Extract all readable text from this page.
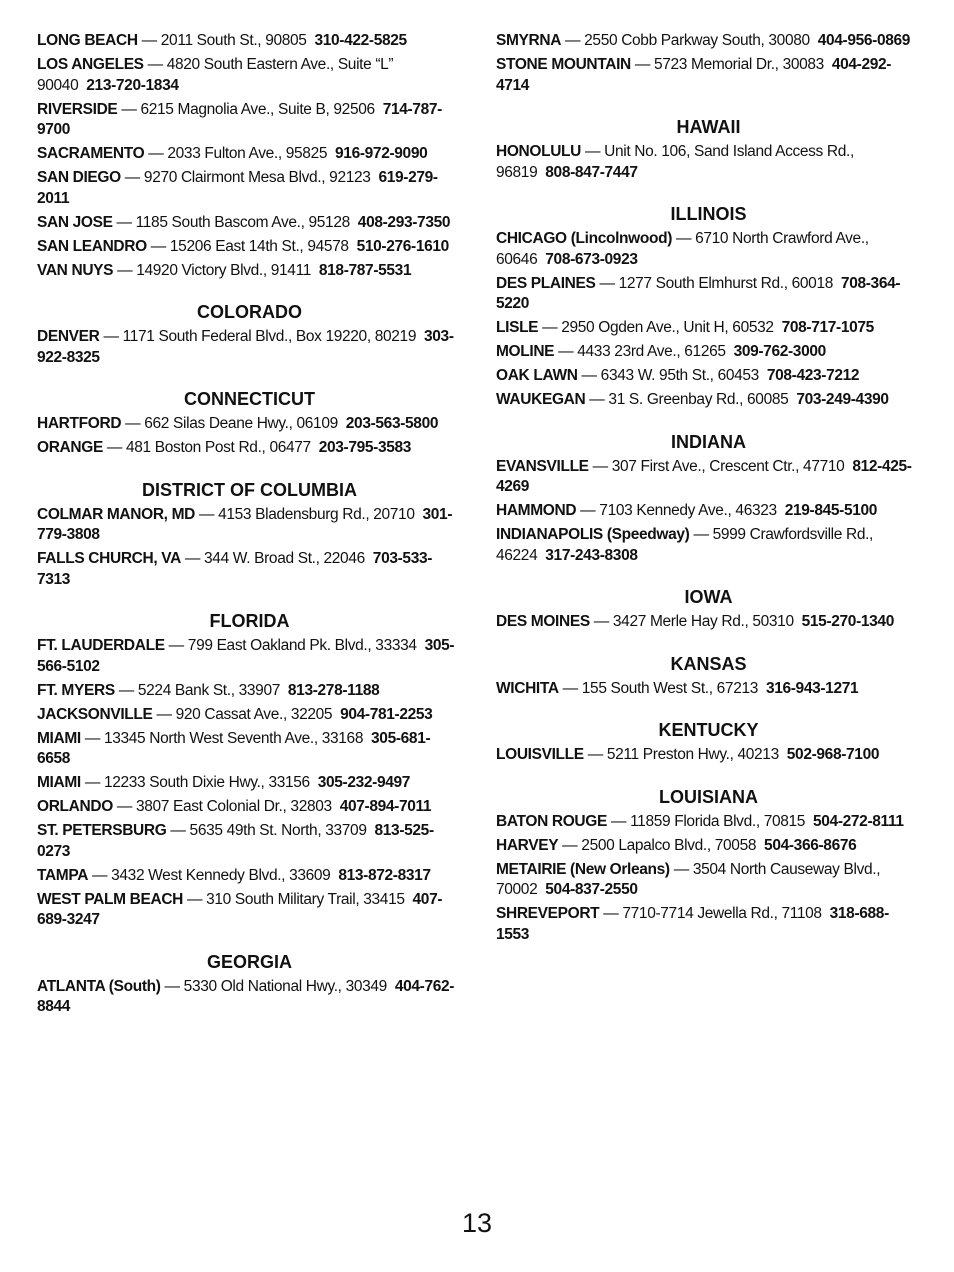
LONG BEACH — 2011 South St., 90805 310-422-5825
LOS ANGELES — 4820 South Eastern Ave., Suite “L” 90040 213-720-1834
RIVERSIDE — 6215 Magnolia Ave., Suite B, 92506 714-787-9700
SACRAMENTO — 2033 Fulton Ave., 95825 916-972-9090
SAN DIEGO — 9270 Clairmont Mesa Blvd., 92123 619-279-2011
SAN JOSE — 1185 South Bascom Ave., 95128 408-293-7350
SAN LEANDRO — 15206 East 14th St., 94578 510-276-1610
VAN NUYS — 14920 Victory Blvd., 91411 818-787-5531
COLORADO
DENVER — 1171 South Federal Blvd., Box 19220, 80219 303-922-8325
CONNECTICUT
HARTFORD — 662 Silas Deane Hwy., 06109 203-563-5800
ORANGE — 481 Boston Post Rd., 06477 203-795-3583
DISTRICT OF COLUMBIA
COLMAR MANOR, MD — 4153 Bladensburg Rd., 20710 301-779-3808
FALLS CHURCH, VA — 344 W. Broad St., 22046 703-533-7313
FLORIDA
FT. LAUDERDALE — 799 East Oakland Pk. Blvd., 33334 305-566-5102
FT. MYERS — 5224 Bank St., 33907 813-278-1188
JACKSONVILLE — 920 Cassat Ave., 32205 904-781-2253
MIAMI — 13345 North West Seventh Ave., 33168 305-681-6658
MIAMI — 12233 South Dixie Hwy., 33156 305-232-9497
ORLANDO — 3807 East Colonial Dr., 32803 407-894-7011
ST. PETERSBURG — 5635 49th St. North, 33709 813-525-0273
TAMPA — 3432 West Kennedy Blvd., 33609 813-872-8317
WEST PALM BEACH — 310 South Military Trail, 33415 407-689-3247
GEORGIA
ATLANTA (South) — 5330 Old National Hwy., 30349 404-762-8844
SMYRNA — 2550 Cobb Parkway South, 30080 404-956-0869
STONE MOUNTAIN — 5723 Memorial Dr., 30083 404-292-4714
HAWAII
HONOLULU — Unit No. 106, Sand Island Access Rd., 96819 808-847-7447
ILLINOIS
CHICAGO (Lincolnwood) — 6710 North Crawford Ave., 60646 708-673-0923
DES PLAINES — 1277 South Elmhurst Rd., 60018 708-364-5220
LISLE — 2950 Ogden Ave., Unit H, 60532 708-717-1075
MOLINE — 4433 23rd Ave., 61265 309-762-3000
OAK LAWN — 6343 W. 95th St., 60453 708-423-7212
WAUKEGAN — 31 S. Greenbay Rd., 60085 703-249-4390
INDIANA
EVANSVILLE — 307 First Ave., Crescent Ctr., 47710 812-425-4269
HAMMOND — 7103 Kennedy Ave., 46323 219-845-5100
INDIANAPOLIS (Speedway) — 5999 Crawfordsville Rd., 46224 317-243-8308
IOWA
DES MOINES — 3427 Merle Hay Rd., 50310 515-270-1340
KANSAS
WICHITA — 155 South West St., 67213 316-943-1271
KENTUCKY
LOUISVILLE — 5211 Preston Hwy., 40213 502-968-7100
LOUISIANA
BATON ROUGE — 11859 Florida Blvd., 70815 504-272-8111
HARVEY — 2500 Lapalco Blvd., 70058 504-366-8676
METAIRIE (New Orleans) — 3504 North Causeway Blvd., 70002 504-837-2550
SHREVEPORT — 7710-7714 Jewella Rd., 71108 318-688-1553
13
